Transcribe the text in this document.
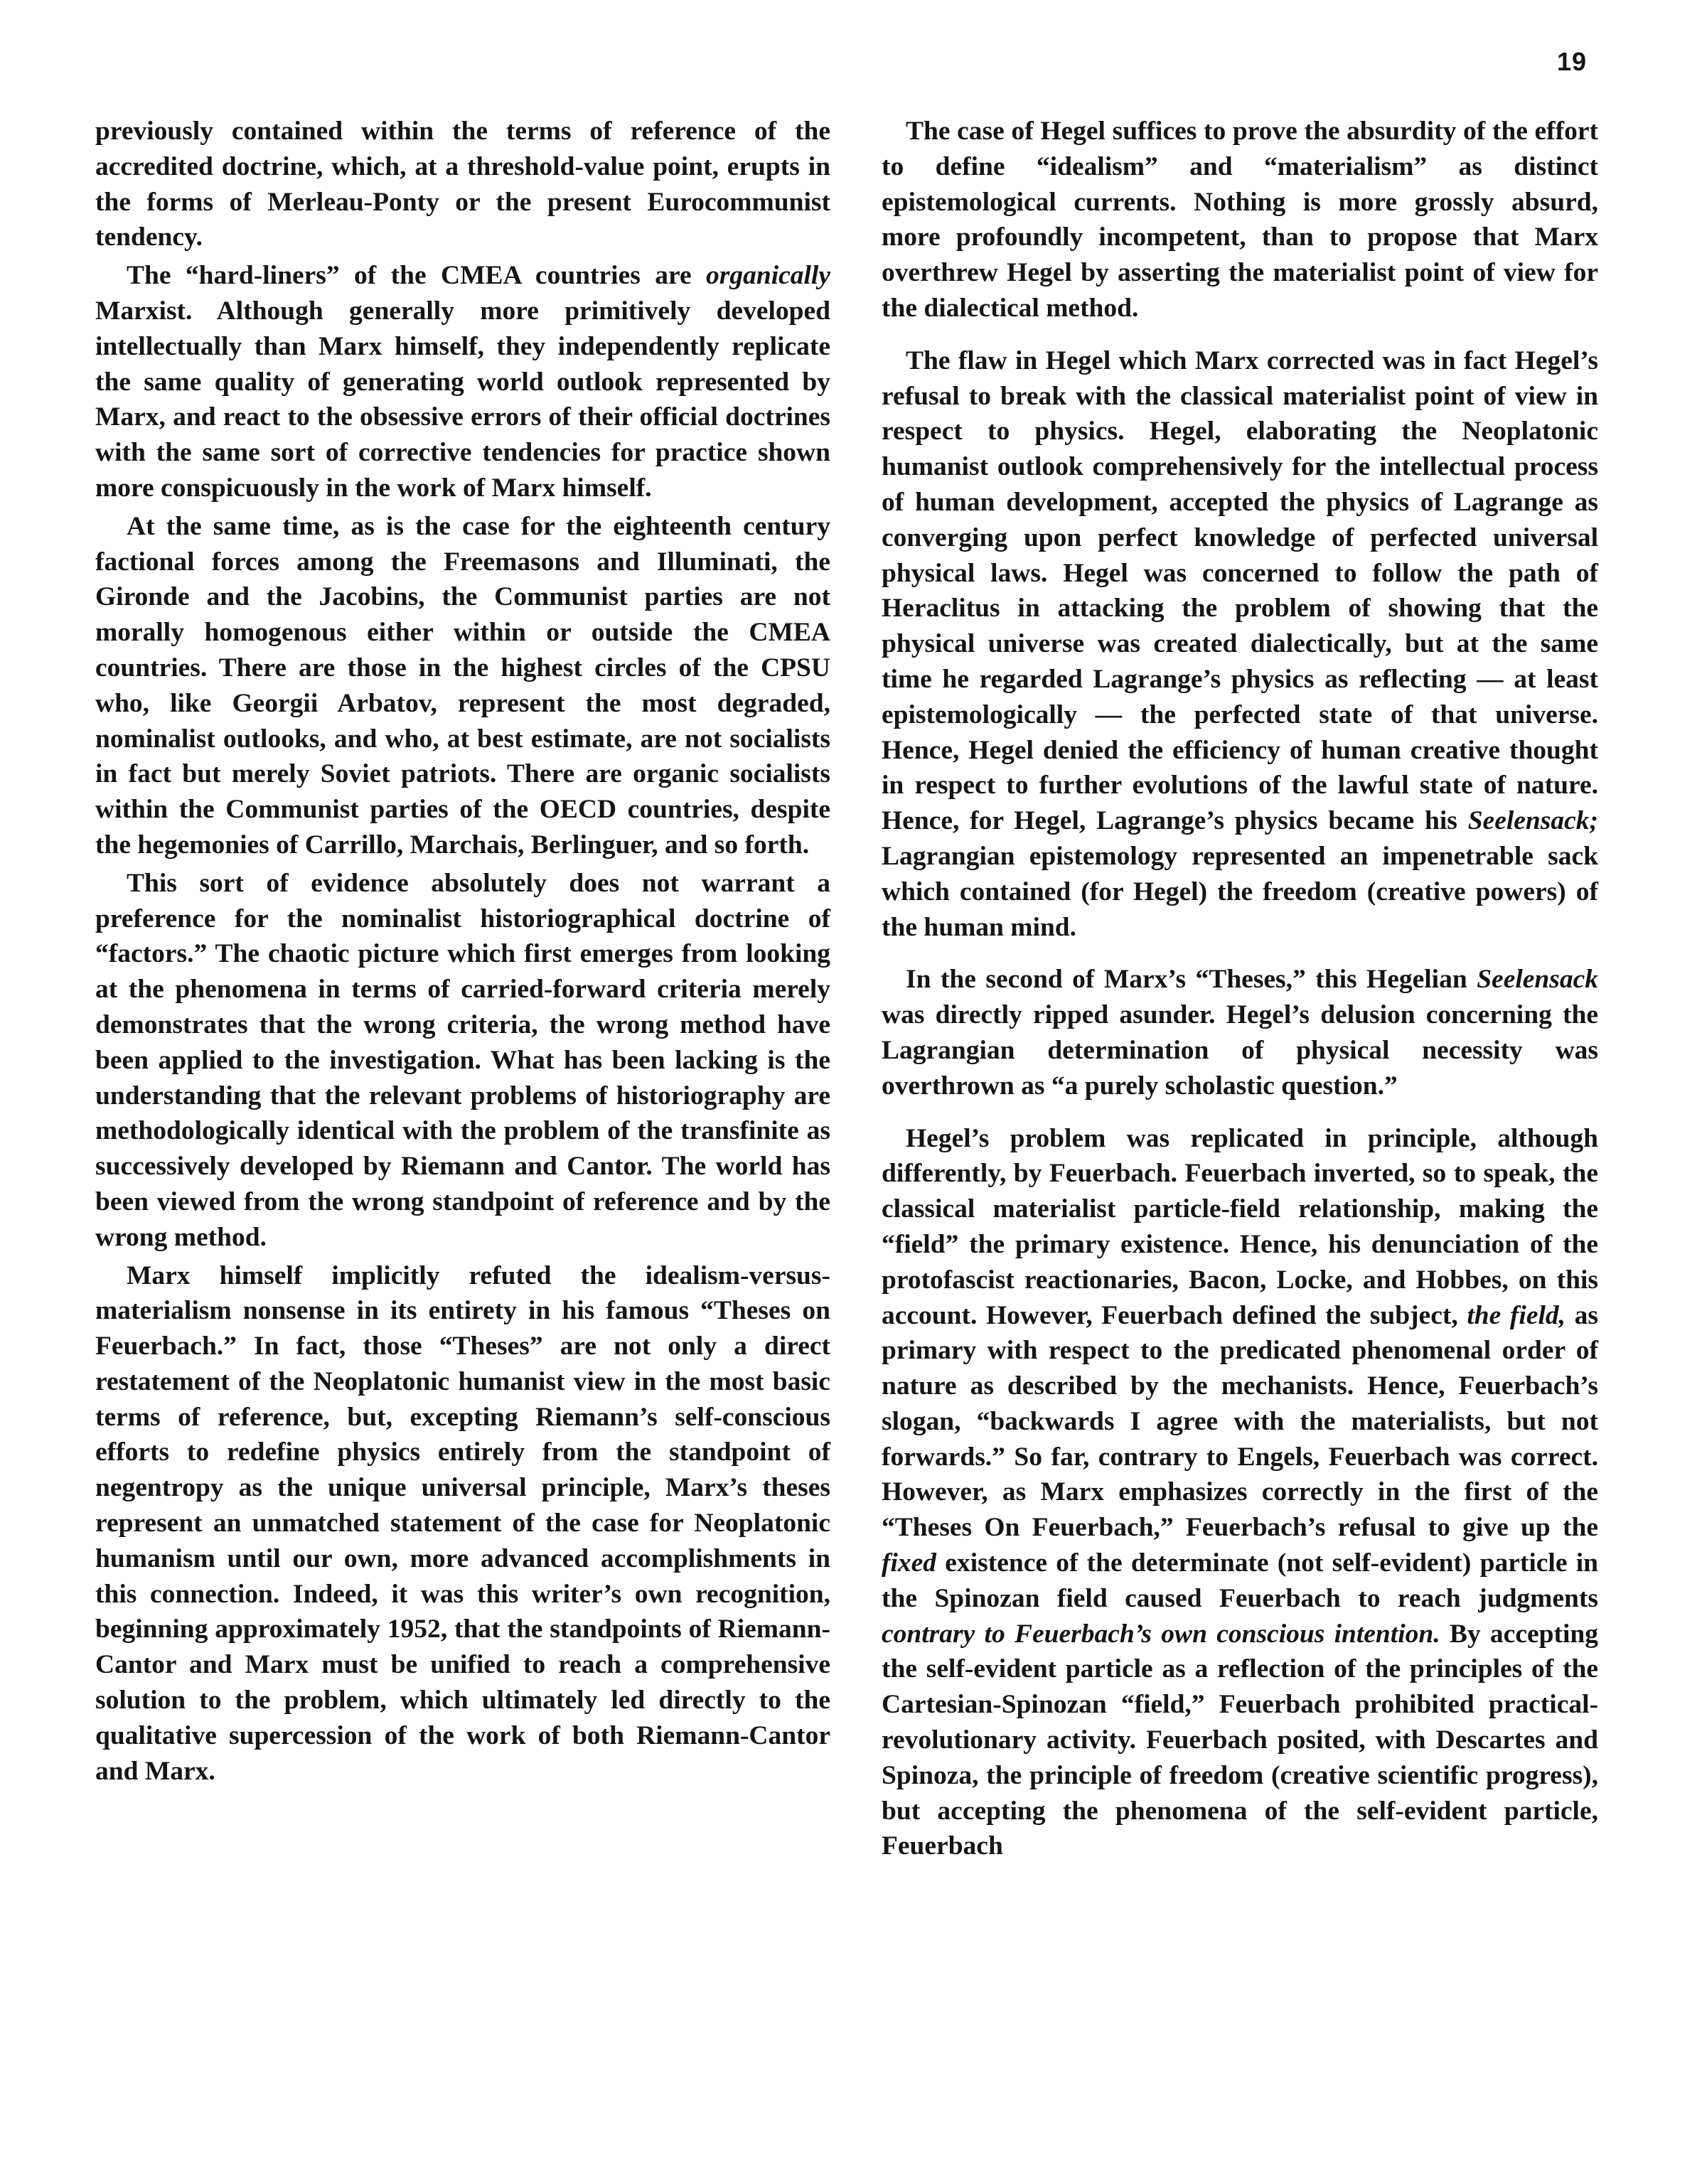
19

previously contained within the terms of reference of the accredited doctrine, which, at a threshold-value point, erupts in the forms of Merleau-Ponty or the present Eurocommunist tendency.

The “hard-liners” of the CMEA countries are organically Marxist. Although generally more primitively developed intellectually than Marx himself, they independently replicate the same quality of generating world outlook represented by Marx, and react to the obsessive errors of their official doctrines with the same sort of corrective tendencies for practice shown more conspicuously in the work of Marx himself.

At the same time, as is the case for the eighteenth century factional forces among the Freemasons and Illuminati, the Gironde and the Jacobins, the Communist parties are not morally homogenous either within or outside the CMEA countries. There are those in the highest circles of the CPSU who, like Georgii Arbatov, represent the most degraded, nominalist outlooks, and who, at best estimate, are not socialists in fact but merely Soviet patriots. There are organic socialists within the Communist parties of the OECD countries, despite the hegemonies of Carrillo, Marchais, Berlinguer, and so forth.

This sort of evidence absolutely does not warrant a preference for the nominalist historiographical doctrine of “factors.” The chaotic picture which first emerges from looking at the phenomena in terms of carried-forward criteria merely demonstrates that the wrong criteria, the wrong method have been applied to the investigation. What has been lacking is the understanding that the relevant problems of historiography are methodologically identical with the problem of the transfinite as successively developed by Riemann and Cantor. The world has been viewed from the wrong standpoint of reference and by the wrong method.

Marx himself implicitly refuted the idealism-versus-materialism nonsense in its entirety in his famous “Theses on Feuerbach.” In fact, those “Theses” are not only a direct restatement of the Neoplatonic humanist view in the most basic terms of reference, but, excepting Riemann’s self-conscious efforts to redefine physics entirely from the standpoint of negentropy as the unique universal principle, Marx’s theses represent an unmatched statement of the case for Neoplatonic humanism until our own, more advanced accomplishments in this connection. Indeed, it was this writer’s own recognition, beginning approximately 1952, that the standpoints of Riemann-Cantor and Marx must be unified to reach a comprehensive solution to the problem, which ultimately led directly to the qualitative supercession of the work of both Riemann-Cantor and Marx.

The case of Hegel suffices to prove the absurdity of the effort to define “idealism” and “materialism” as distinct epistemological currents. Nothing is more grossly absurd, more profoundly incompetent, than to propose that Marx overthrew Hegel by asserting the materialist point of view for the dialectical method.

The flaw in Hegel which Marx corrected was in fact Hegel’s refusal to break with the classical materialist point of view in respect to physics. Hegel, elaborating the Neoplatonic humanist outlook comprehensively for the intellectual process of human development, accepted the physics of Lagrange as converging upon perfect knowledge of perfected universal physical laws. Hegel was concerned to follow the path of Heraclitus in attacking the problem of showing that the physical universe was created dialectically, but at the same time he regarded Lagrange’s physics as reflecting — at least epistemologically — the perfected state of that universe. Hence, Hegel denied the efficiency of human creative thought in respect to further evolutions of the lawful state of nature. Hence, for Hegel, Lagrange’s physics became his Seelensack; Lagrangian epistemology represented an impenetrable sack which contained (for Hegel) the freedom (creative powers) of the human mind.

In the second of Marx’s “Theses,” this Hegelian Seelensack was directly ripped asunder. Hegel’s delusion concerning the Lagrangian determination of physical necessity was overthrown as “a purely scholastic question.”

Hegel’s problem was replicated in principle, although differently, by Feuerbach. Feuerbach inverted, so to speak, the classical materialist particle-field relationship, making the “field” the primary existence. Hence, his denunciation of the protofascist reactionaries, Bacon, Locke, and Hobbes, on this account. However, Feuerbach defined the subject, the field, as primary with respect to the predicated phenomenal order of nature as described by the mechanists. Hence, Feuerbach’s slogan, “backwards I agree with the materialists, but not forwards.” So far, contrary to Engels, Feuerbach was correct. However, as Marx emphasizes correctly in the first of the “Theses On Feuerbach,” Feuerbach’s refusal to give up the fixed existence of the determinate (not self-evident) particle in the Spinozan field caused Feuerbach to reach judgments contrary to Feuerbach’s own conscious intention. By accepting the self-evident particle as a reflection of the principles of the Cartesian-Spinozan “field,” Feuerbach prohibited practical-revolutionary activity. Feuerbach posited, with Descartes and Spinoza, the principle of freedom (creative scientific progress), but accepting the phenomena of the self-evident particle, Feuerbach
